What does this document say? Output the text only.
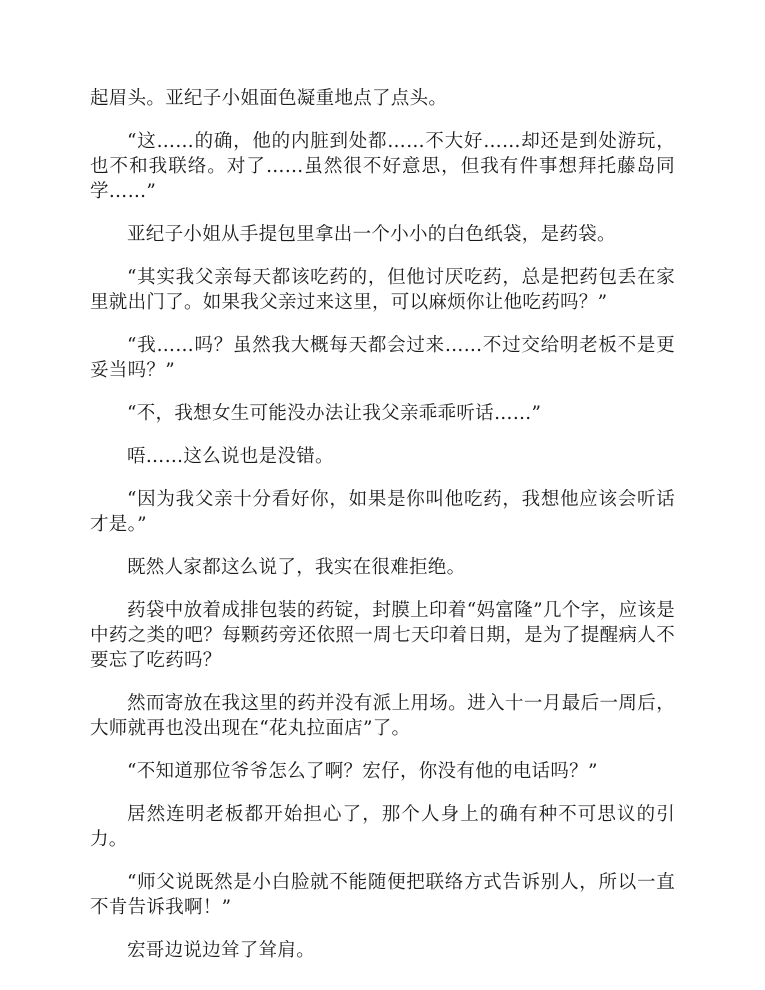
起眉头。亚纪子小姐面色凝重地点了点头。

“这……的确，他的内脏到处都……不大好……却还是到处游玩，也不和我联络。对了……虽然很不好意思，但我有件事想拜托藤岛同学……”

亚纪子小姐从手提包里拿出一个小小的白色纸袋，是药袋。

“其实我父亲每天都该吃药的，但他讨厌吃药，总是把药包丢在家里就出门了。如果我父亲过来这里，可以麻烦你让他吃药吗？”

“我……吗？虽然我大概每天都会过来……不过交给明老板不是更妥当吗？”

“不，我想女生可能没办法让我父亲乖乖听话……”

唔……这么说也是没错。

“因为我父亲十分看好你，如果是你叫他吃药，我想他应该会听话才是。”

既然人家都这么说了，我实在很难拒绝。

药袋中放着成排包装的药锭，封膜上印着“妈富隆”几个字，应该是中药之类的吧？每颗药旁还依照一周七天印着日期，是为了提醒病人不要忘了吃药吗？

然而寄放在我这里的药并没有派上用场。进入十一月最后一周后，大师就再也没出现在“花丸拉面店”了。

“不知道那位爷爷怎么了啊？宏仔，你没有他的电话吗？”

居然连明老板都开始担心了，那个人身上的确有种不可思议的引力。

“师父说既然是小白脸就不能随便把联络方式告诉别人，所以一直不肯告诉我啊！”

宏哥边说边耸了耸肩。
